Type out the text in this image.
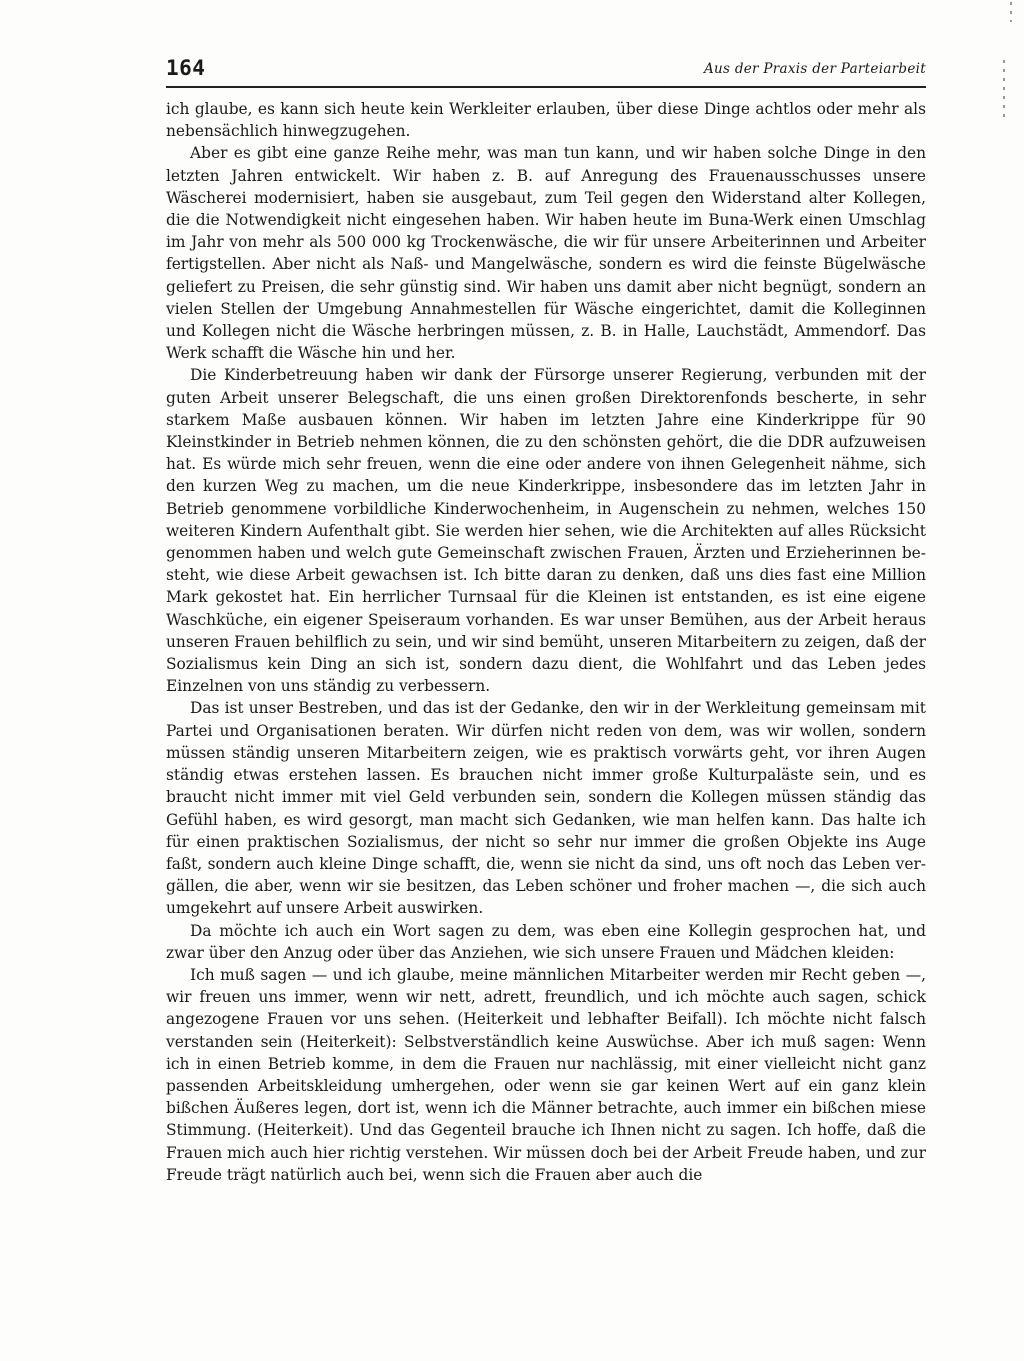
164	Aus der Praxis der Parteiarbeit

ich glaube, es kann sich heute kein Werkleiter erlauben, über diese Dinge achtlos oder mehr als nebensächlich hinwegzugehen.

Aber es gibt eine ganze Reihe mehr, was man tun kann, und wir haben solche Dinge in den letzten Jahren entwickelt. Wir haben z. B. auf Anregung des Frauenausschusses unsere Wäscherei modernisiert, haben sie ausgebaut, zum Teil gegen den Widerstand alter Kollegen, die die Notwendigkeit nicht eingesehen haben. Wir haben heute im Buna-Werk einen Umschlag im Jahr von mehr als 500 000 kg Trockenwäsche, die wir für unsere Arbeiterinnen und Arbeiter fertigstellen. Aber nicht als Naß- und Mangelwäsche, sondern es wird die feinste Bügelwäsche geliefert zu Preisen, die sehr günstig sind. Wir haben uns damit aber nicht begnügt, sondern an vielen Stellen der Umgebung Annahmestellen für Wäsche eingerichtet, damit die Kolleginnen und Kollegen nicht die Wäsche herbringen müssen, z. B. in Halle, Lauchstädt, Ammendorf. Das Werk schafft die Wäsche hin und her.

Die Kinderbetreuung haben wir dank der Fürsorge unserer Regierung, verbunden mit der guten Arbeit unserer Belegschaft, die uns einen großen Direktorenfonds bescherte, in sehr starkem Maße ausbauen können. Wir haben im letzten Jahre eine Kinderkrippe für 90 Kleinstkinder in Betrieb nehmen können, die zu den schönsten gehört, die die DDR aufzuweisen hat. Es würde mich sehr freuen, wenn die eine oder andere von ihnen Gelegenheit nähme, sich den kurzen Weg zu machen, um die neue Kinderkrippe, insbesondere das im letzten Jahr in Betrieb genommene vorbildliche Kinderwochenheim, in Augenschein zu nehmen, welches 150 weiteren Kindern Aufenthalt gibt. Sie werden hier sehen, wie die Architekten auf alles Rücksicht genommen haben und welch gute Gemeinschaft zwischen Frauen, Ärzten und Erzieherinnen besteht, wie diese Arbeit gewachsen ist. Ich bitte daran zu denken, daß uns dies fast eine Million Mark gekostet hat. Ein herrlicher Turnsaal für die Kleinen ist entstanden, es ist eine eigene Waschküche, ein eigener Speiseraum vorhanden. Es war unser Bemühen, aus der Arbeit heraus unseren Frauen behilflich zu sein, und wir sind bemüht, unseren Mitarbeitern zu zeigen, daß der Sozialismus kein Ding an sich ist, sondern dazu dient, die Wohlfahrt und das Leben jedes Einzelnen von uns ständig zu verbessern.

Das ist unser Bestreben, und das ist der Gedanke, den wir in der Werkleitung gemeinsam mit Partei und Organisationen beraten. Wir dürfen nicht reden von dem, was wir wollen, sondern müssen ständig unseren Mitarbeitern zeigen, wie es praktisch vorwärts geht, vor ihren Augen ständig etwas erstehen lassen. Es brauchen nicht immer große Kulturpaläste sein, und es braucht nicht immer mit viel Geld verbunden sein, sondern die Kollegen müssen ständig das Gefühl haben, es wird gesorgt, man macht sich Gedanken, wie man helfen kann. Das halte ich für einen praktischen Sozialismus, der nicht so sehr nur immer die großen Objekte ins Auge faßt, sondern auch kleine Dinge schafft, die, wenn sie nicht da sind, uns oft noch das Leben vergällen, die aber, wenn wir sie besitzen, das Leben schöner und froher machen —, die sich auch umgekehrt auf unsere Arbeit auswirken.

Da möchte ich auch ein Wort sagen zu dem, was eben eine Kollegin gesprochen hat, und zwar über den Anzug oder über das Anziehen, wie sich unsere Frauen und Mädchen kleiden:

Ich muß sagen — und ich glaube, meine männlichen Mitarbeiter werden mir Recht geben —, wir freuen uns immer, wenn wir nett, adrett, freundlich, und ich möchte auch sagen, schick angezogene Frauen vor uns sehen. (Heiterkeit und lebhafter Beifall). Ich möchte nicht falsch verstanden sein (Heiterkeit): Selbstverständlich keine Auswüchse. Aber ich muß sagen: Wenn ich in einen Betrieb komme, in dem die Frauen nur nachlässig, mit einer vielleicht nicht ganz passenden Arbeitskleidung umhergehen, oder wenn sie gar keinen Wert auf ein ganz klein bißchen Äußeres legen, dort ist, wenn ich die Männer betrachte, auch immer ein bißchen miese Stimmung. (Heiterkeit). Und das Gegenteil brauche ich Ihnen nicht zu sagen. Ich hoffe, daß die Frauen mich auch hier richtig verstehen. Wir müssen doch bei der Arbeit Freude haben, und zur Freude trägt natürlich auch bei, wenn sich die Frauen aber auch die
